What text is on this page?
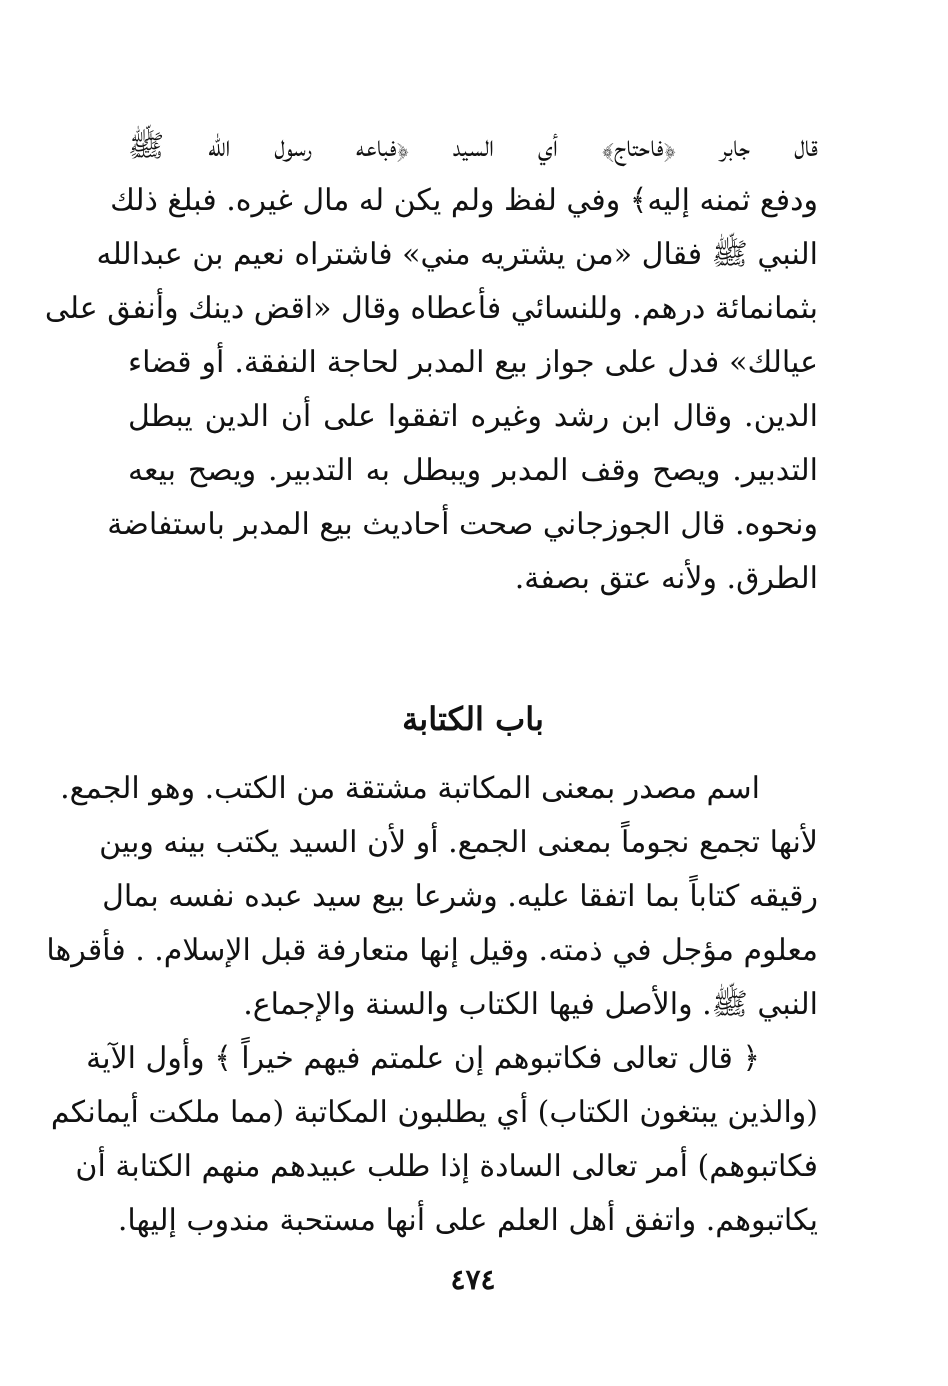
قال جابر ﴿فاحتاج﴾ أي السيد ﴿فباعه رسول الله ﷺ
ودفع ثمنه إليه﴾ وفي لفظ ولم يكن له مال غيره. فبلغ ذلك
النبي ﷺ فقال «من يشتريه مني» فاشتراه نعيم بن عبدالله
بثمانمائة درهم. وللنسائي فأعطاه وقال «اقض دينك وأنفق على
عيالك» فدل على جواز بيع المدبر لحاجة النفقة. أو قضاء
الدين. وقال ابن رشد وغيره اتفقوا على أن الدين يبطل
التدبير. ويصح وقف المدبر ويبطل به التدبير. ويصح بيعه
ونحوه. قال الجوزجاني صحت أحاديث بيع المدبر باستفاضة
الطرق. ولأنه عتق بصفة.
باب الكتابة
اسم مصدر بمعنى المكاتبة مشتقة من الكتب. وهو الجمع.
لأنها تجمع نجوماً بمعنى الجمع. أو لأن السيد يكتب بينه وبين
رقيقه كتاباً بما اتفقا عليه. وشرعا بيع سيد عبده نفسه بمال
معلوم مؤجل في ذمته. وقيل إنها متعارفة قبل الإسلام. . فأقرها
النبي ﷺ. والأصل فيها الكتاب والسنة والإجماع.
﴿ قال تعالى فكاتبوهم إن علمتم فيهم خيراً ﴾ وأول الآية
(والذين يبتغون الكتاب) أي يطلبون المكاتبة (مما ملكت أيمانكم
فكاتبوهم) أمر تعالى السادة إذا طلب عبيدهم منهم الكتابة أن
يكاتبوهم. واتفق أهل العلم على أنها مستحبة مندوب إليها.
٤٧٤
